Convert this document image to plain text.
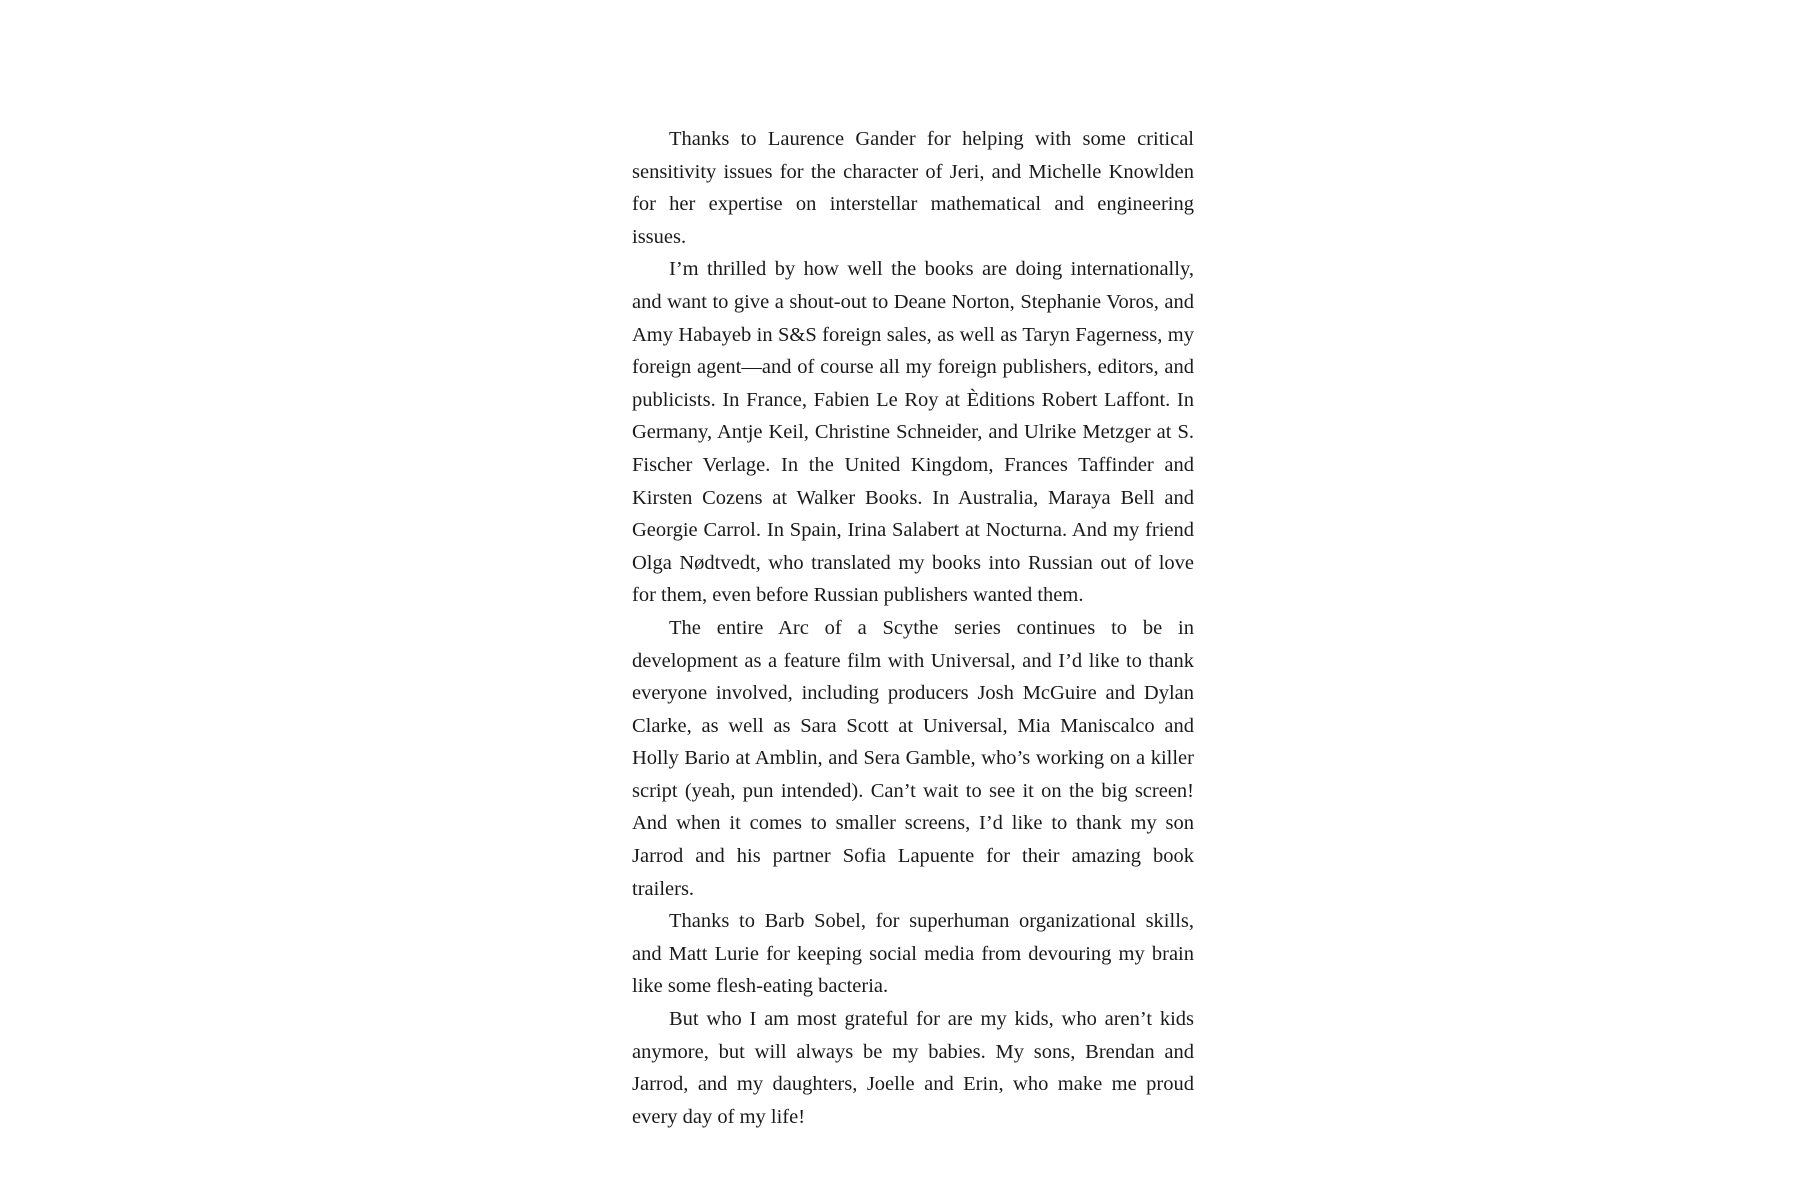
Thanks to Laurence Gander for helping with some critical sensitivity issues for the character of Jeri, and Michelle Knowlden for her expertise on interstellar mathematical and engineering issues.

I’m thrilled by how well the books are doing internationally, and want to give a shout-out to Deane Norton, Stephanie Voros, and Amy Habayeb in S&S foreign sales, as well as Taryn Fagerness, my foreign agent—and of course all my foreign publishers, editors, and publicists. In France, Fabien Le Roy at Èditions Robert Laffont. In Germany, Antje Keil, Christine Schneider, and Ulrike Metzger at S. Fischer Verlage. In the United Kingdom, Frances Taffinder and Kirsten Cozens at Walker Books. In Australia, Maraya Bell and Georgie Carrol. In Spain, Irina Salabert at Nocturna. And my friend Olga Nødtvedt, who translated my books into Russian out of love for them, even before Russian publishers wanted them.

The entire Arc of a Scythe series continues to be in development as a feature film with Universal, and I’d like to thank everyone involved, including producers Josh McGuire and Dylan Clarke, as well as Sara Scott at Universal, Mia Maniscalco and Holly Bario at Amblin, and Sera Gamble, who’s working on a killer script (yeah, pun intended). Can’t wait to see it on the big screen! And when it comes to smaller screens, I’d like to thank my son Jarrod and his partner Sofia Lapuente for their amazing book trailers.

Thanks to Barb Sobel, for superhuman organizational skills, and Matt Lurie for keeping social media from devouring my brain like some flesh-eating bacteria.

But who I am most grateful for are my kids, who aren’t kids anymore, but will always be my babies. My sons, Brendan and Jarrod, and my daughters, Joelle and Erin, who make me proud every day of my life!
